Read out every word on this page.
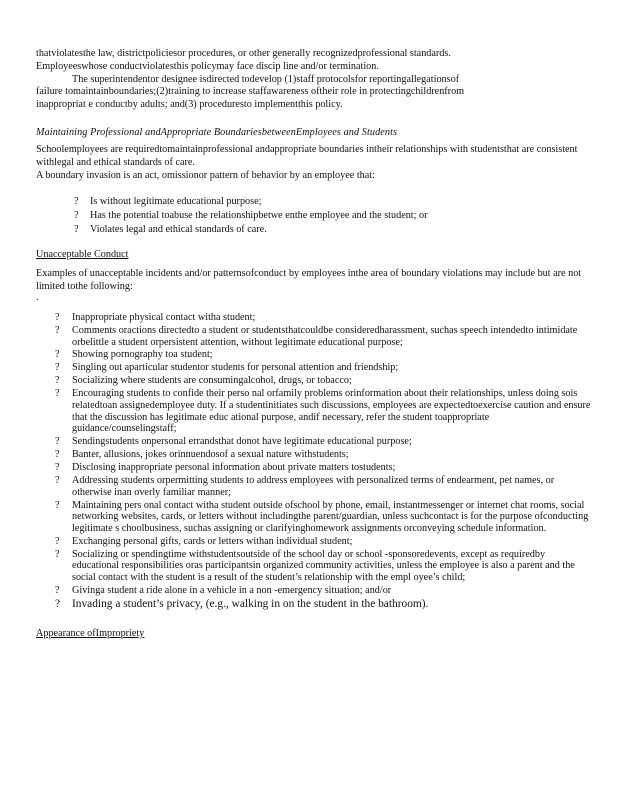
thatviolatesthe law, districtpoliciesor procedures, or other generally recognizedprofessional standards.

Employeeswhose conductviolatesthis policymay face discip line and/or termination.

The superintendentor designee isdirected todevelop (1)staff protocolsfor reportingallegationsof

failure tomaintainboundaries;(2)training to increase staffawareness oftheir role in protectingchildrenfrom

inappropriat e conductby adults; and(3) proceduresto implementthis policy.

Maintaining Professional andAppropriate BoundariesbetweenEmployees and Students

Schoolemployees are requiredtomaintainprofessional andappropriate boundaries intheir relationships with studentsthat are consistent withlegal and ethical standards of care.

A boundary invasion is an act, omissionor pattern of behavior by an employee that:

? Is without legitimate educational purpose;
? Has the potential toabuse the relationshipbetwe enthe employee and the student; or
? Violates legal and ethical standards of care.

Unacceptable Conduct

Examples of unacceptable incidents and/or patternsofconduct by employees inthe area of boundary violations may include but are not limited tothe following:

.

? Inappropriate physical contact witha student;
? Comments oractions directedto a student or studentsthatcouldbe consideredharassment, suchas speech intendedto intimidate orbelittle a student orpersistent attention, without legitimate educational purpose;
? Showing pornography toa student;
? Singling out aparticular studentor students for personal attention and friendship;
? Socializing where students are consumingalcohol, drugs, or tobacco;
? Encouraging students to confide their perso nal orfamily problems orinformation about their relationships, unless doing sois relatedtoan assignedemployee duty. If a studentinitiates such discussions, employees are expectedtoexercise caution and ensure that the discussion has legitimate educ ational purpose, andif necessary, refer the student toappropriate guidance/counselingstaff;
? Sendingstudents onpersonal errandsthat donot have legitimate educational purpose;
? Banter, allusions, jokes orinnuendosof a sexual nature withstudents;
? Disclosing inappropriate personal information about private matters tostudents;
? Addressing students orpermitting students to address employees with personalized terms of endearment, pet names, or otherwise inan overly familiar manner;
? Maintaining pers onal contact witha student outside ofschool by phone, email, instantmessenger or internet chat rooms, social networking websites, cards, or letters without includingthe parent/guardian, unless suchcontact is for the purpose ofconducting legitimate s choolbusiness, suchas assigning or clarifyinghomework assignments orconveying schedule information.
? Exchanging personal gifts, cards or letters withan individual student;
? Socializing or spendingtime withstudentsoutside of the school day or school -sponsoredevents, except as requiredby educational responsibilities oras participantsin organized community activities, unless the employee is also a parent and the social contact with the student is a result of the student’s relationship with the empl oyee’s child;
? Givinga student a ride alone in a vehicle in a non -emergency situation; and/or
? Invading a student’s privacy, (e.g., walking in on the student in the bathroom).

Appearance ofImpropriety
